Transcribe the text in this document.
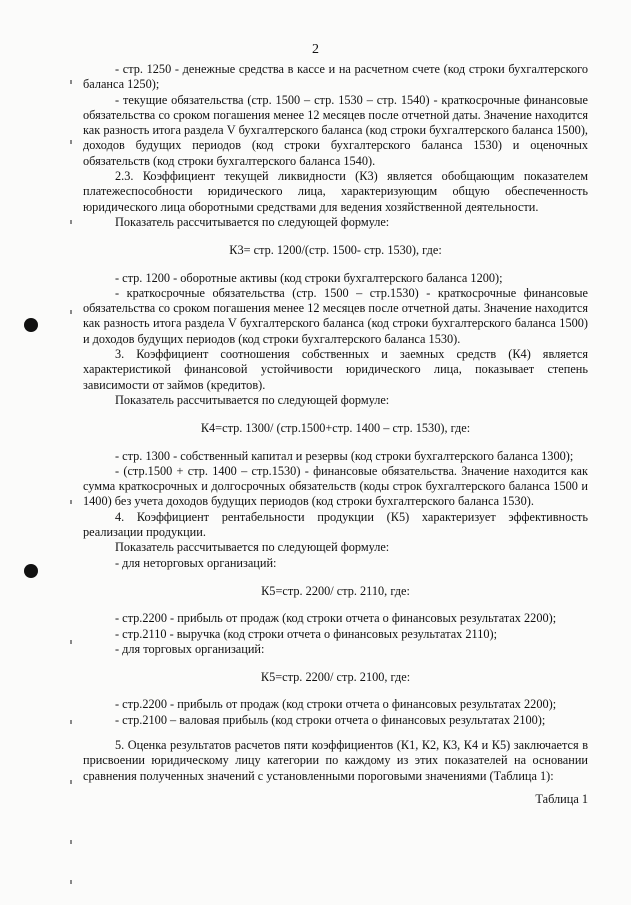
2

- стр. 1250 - денежные средства в кассе и на расчетном счете (код строки бухгалтерского баланса 1250);

- текущие обязательства (стр. 1500 – стр. 1530 – стр. 1540) - краткосрочные финансовые обязательства со сроком погашения менее 12 месяцев после отчетной даты. Значение находится как разность итога раздела V бухгалтерского баланса (код строки бухгалтерского баланса 1500), доходов будущих периодов (код строки бухгалтерского баланса 1530) и оценочных обязательств (код строки бухгалтерского баланса 1540).

2.3. Коэффициент текущей ликвидности (К3) является обобщающим показателем платежеспособности юридического лица, характеризующим общую обеспеченность юридического лица оборотными средствами для ведения хозяйственной деятельности.

Показатель рассчитывается по следующей формуле:

К3= стр. 1200/(стр. 1500- стр. 1530), где:

- стр. 1200 - оборотные активы (код строки бухгалтерского баланса 1200);

- краткосрочные обязательства (стр. 1500 – стр.1530) - краткосрочные финансовые обязательства со сроком погашения менее 12 месяцев после отчетной даты. Значение находится как разность итога раздела V бухгалтерского баланса (код строки бухгалтерского баланса 1500) и доходов будущих периодов (код строки бухгалтерского баланса 1530).

3. Коэффициент соотношения собственных и заемных средств (К4) является характеристикой финансовой устойчивости юридического лица, показывает степень зависимости от займов (кредитов).

Показатель рассчитывается по следующей формуле:

К4=стр. 1300/ (стр.1500+стр. 1400 – стр. 1530), где:

- стр. 1300 - собственный капитал и резервы (код строки бухгалтерского баланса 1300);

- (стр.1500 + стр. 1400 – стр.1530) - финансовые обязательства. Значение находится как сумма краткосрочных и долгосрочных обязательств (коды строк бухгалтерского баланса 1500 и 1400) без учета доходов будущих периодов (код строки бухгалтерского баланса 1530).

4. Коэффициент рентабельности продукции (К5) характеризует эффективность реализации продукции.

Показатель рассчитывается по следующей формуле:

- для неторговых организаций:

К5=стр. 2200/ стр. 2110, где:

- стр.2200 - прибыль от продаж (код строки отчета о финансовых результатах 2200);

- стр.2110 - выручка (код строки отчета о финансовых результатах 2110);

- для торговых организаций:

К5=стр. 2200/ стр. 2100, где:

- стр.2200 - прибыль от продаж (код строки отчета о финансовых результатах 2200);

- стр.2100 – валовая прибыль (код строки отчета о финансовых результатах 2100);

5. Оценка результатов расчетов пяти коэффициентов (К1, К2, К3, К4 и К5) заключается в присвоении юридическому лицу категории по каждому из этих показателей на основании сравнения полученных значений с установленными пороговыми значениями (Таблица 1):

Таблица 1
